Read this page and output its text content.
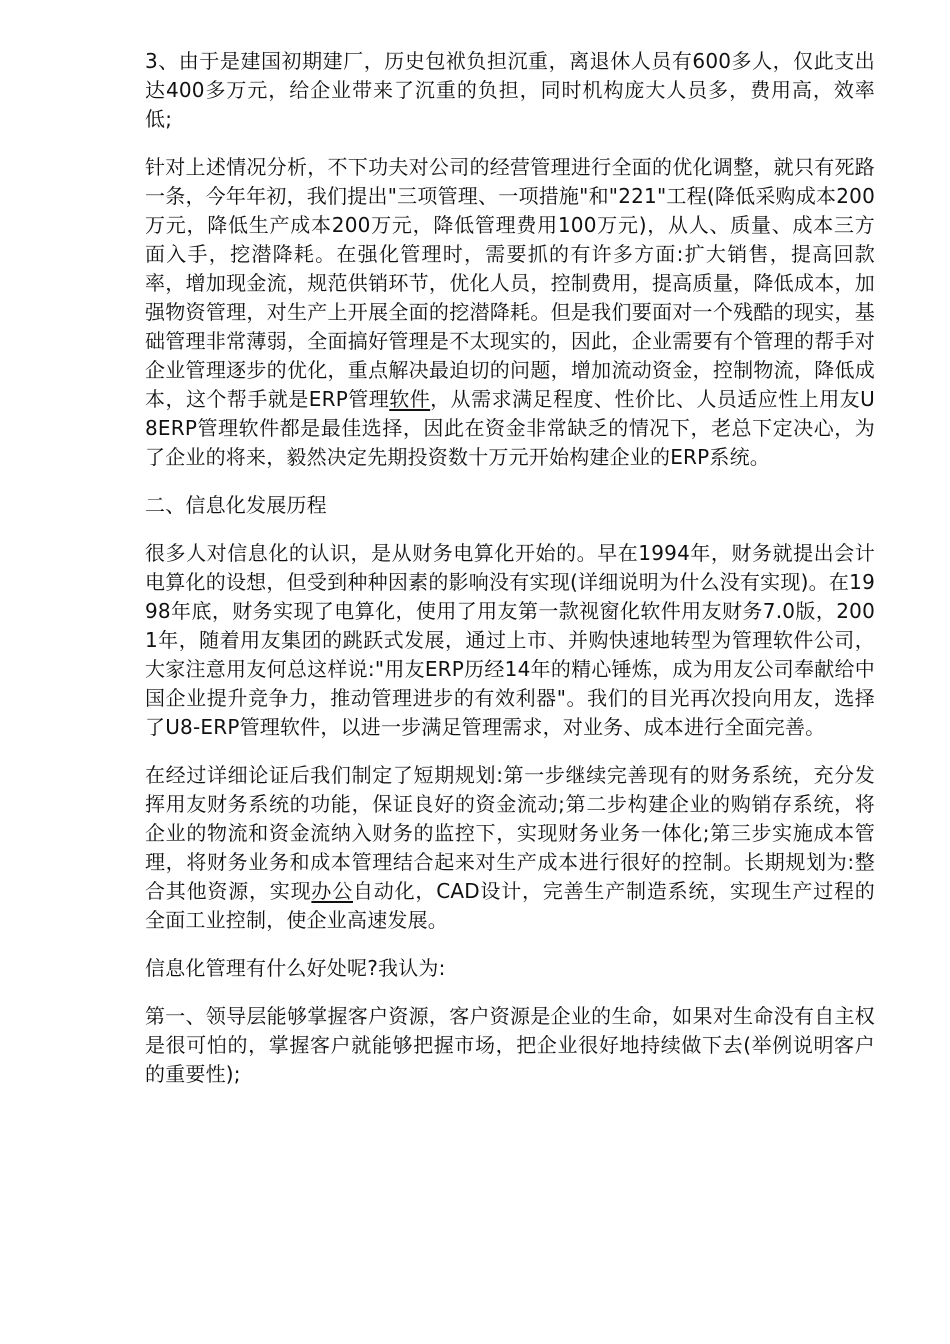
3、由于是建国初期建厂，历史包袱负担沉重，离退休人员有600多人，仅此支出达400多万元，给企业带来了沉重的负担，同时机构庞大人员多，费用高，效率低;

针对上述情况分析，不下功夫对公司的经营管理进行全面的优化调整，就只有死路一条，今年年初，我们提出"三项管理、一项措施"和"221"工程(降低采购成本200万元，降低生产成本200万元，降低管理费用100万元)，从人、质量、成本三方面入手，挖潜降耗。在强化管理时，需要抓的有许多方面:扩大销售，提高回款率，增加现金流，规范供销环节，优化人员，控制费用，提高质量，降低成本，加强物资管理，对生产上开展全面的挖潜降耗。但是我们要面对一个残酷的现实，基础管理非常薄弱，全面搞好管理是不太现实的，因此，企业需要有个管理的帮手对企业管理逐步的优化，重点解决最迫切的问题，增加流动资金，控制物流，降低成本，这个帮手就是ERP管理软件，从需求满足程度、性价比、人员适应性上用友U8ERP管理软件都是最佳选择，因此在资金非常缺乏的情况下，老总下定决心，为了企业的将来，毅然决定先期投资数十万元开始构建企业的ERP系统。

二、信息化发展历程

很多人对信息化的认识，是从财务电算化开始的。早在1994年，财务就提出会计电算化的设想，但受到种种因素的影响没有实现(详细说明为什么没有实现)。在1998年底，财务实现了电算化，使用了用友第一款视窗化软件用友财务7.0版，2001年，随着用友集团的跳跃式发展，通过上市、并购快速地转型为管理软件公司，大家注意用友何总这样说:"用友ERP历经14年的精心锤炼，成为用友公司奉献给中国企业提升竞争力，推动管理进步的有效利器"。我们的目光再次投向用友，选择了U8-ERP管理软件，以进一步满足管理需求，对业务、成本进行全面完善。

在经过详细论证后我们制定了短期规划:第一步继续完善现有的财务系统，充分发挥用友财务系统的功能，保证良好的资金流动;第二步构建企业的购销存系统，将企业的物流和资金流纳入财务的监控下，实现财务业务一体化;第三步实施成本管理，将财务业务和成本管理结合起来对生产成本进行很好的控制。长期规划为:整合其他资源，实现办公自动化，CAD设计，完善生产制造系统，实现生产过程的全面工业控制，使企业高速发展。

信息化管理有什么好处呢?我认为:

第一、领导层能够掌握客户资源，客户资源是企业的生命，如果对生命没有自主权是很可怕的，掌握客户就能够把握市场，把企业很好地持续做下去(举例说明客户的重要性);
